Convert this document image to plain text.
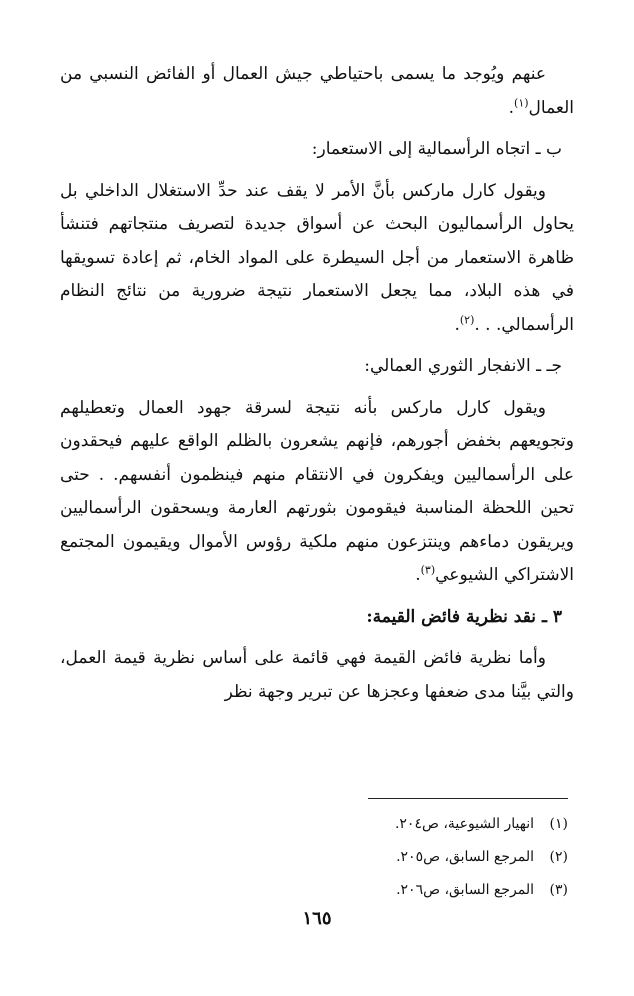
عنهم ويُوجد ما يسمى باحتياطي جيش العمال أو الفائض النسبي من العمال$^{(١)}$.

ب ـ اتجاه الرأسمالية إلى الاستعمار:

ويقول كارل ماركس بأنَّ الأمر لا يقف عند حدِّ الاستغلال الداخلي بل يحاول الرأسماليون البحث عن أسواق جديدة لتصريف منتجاتهم فتنشأ ظاهرة الاستعمار من أجل السيطرة على المواد الخام، ثم إعادة تسويقها في هذه البلاد، مما يجعل الاستعمار نتيجة ضرورية من نتائج النظام الرأسمالي. . .$^{(٢)}$.

جـ ـ الانفجار الثوري العمالي:

ويقول كارل ماركس بأنه نتيجة لسرقة جهود العمال وتعطيلهم وتجويعهم بخفض أجورهم، فإنهم يشعرون بالظلم الواقع عليهم فيحقدون على الرأسماليين ويفكرون في الانتقام منهم فينظمون أنفسهم. . حتى تحين اللحظة المناسبة فيقومون بثورتهم العارمة ويسحقون الرأسماليين ويريقون دماءهم وينتزعون منهم ملكية رؤوس الأموال ويقيمون المجتمع الاشتراكي الشيوعي$^{(٣)}$.

٣ ـ نقد نظرية فائض القيمة:

وأما نظرية فائض القيمة فهي قائمة على أساس نظرية قيمة العمل، والتي بيَّنا مدى ضعفها وعجزها عن تبرير وجهة نظر

(١)انهيار الشيوعية، ص٢٠٤.
(٢)المرجع السابق، ص٢٠٥.
(٣)المرجع السابق، ص٢٠٦.
١٦٥
